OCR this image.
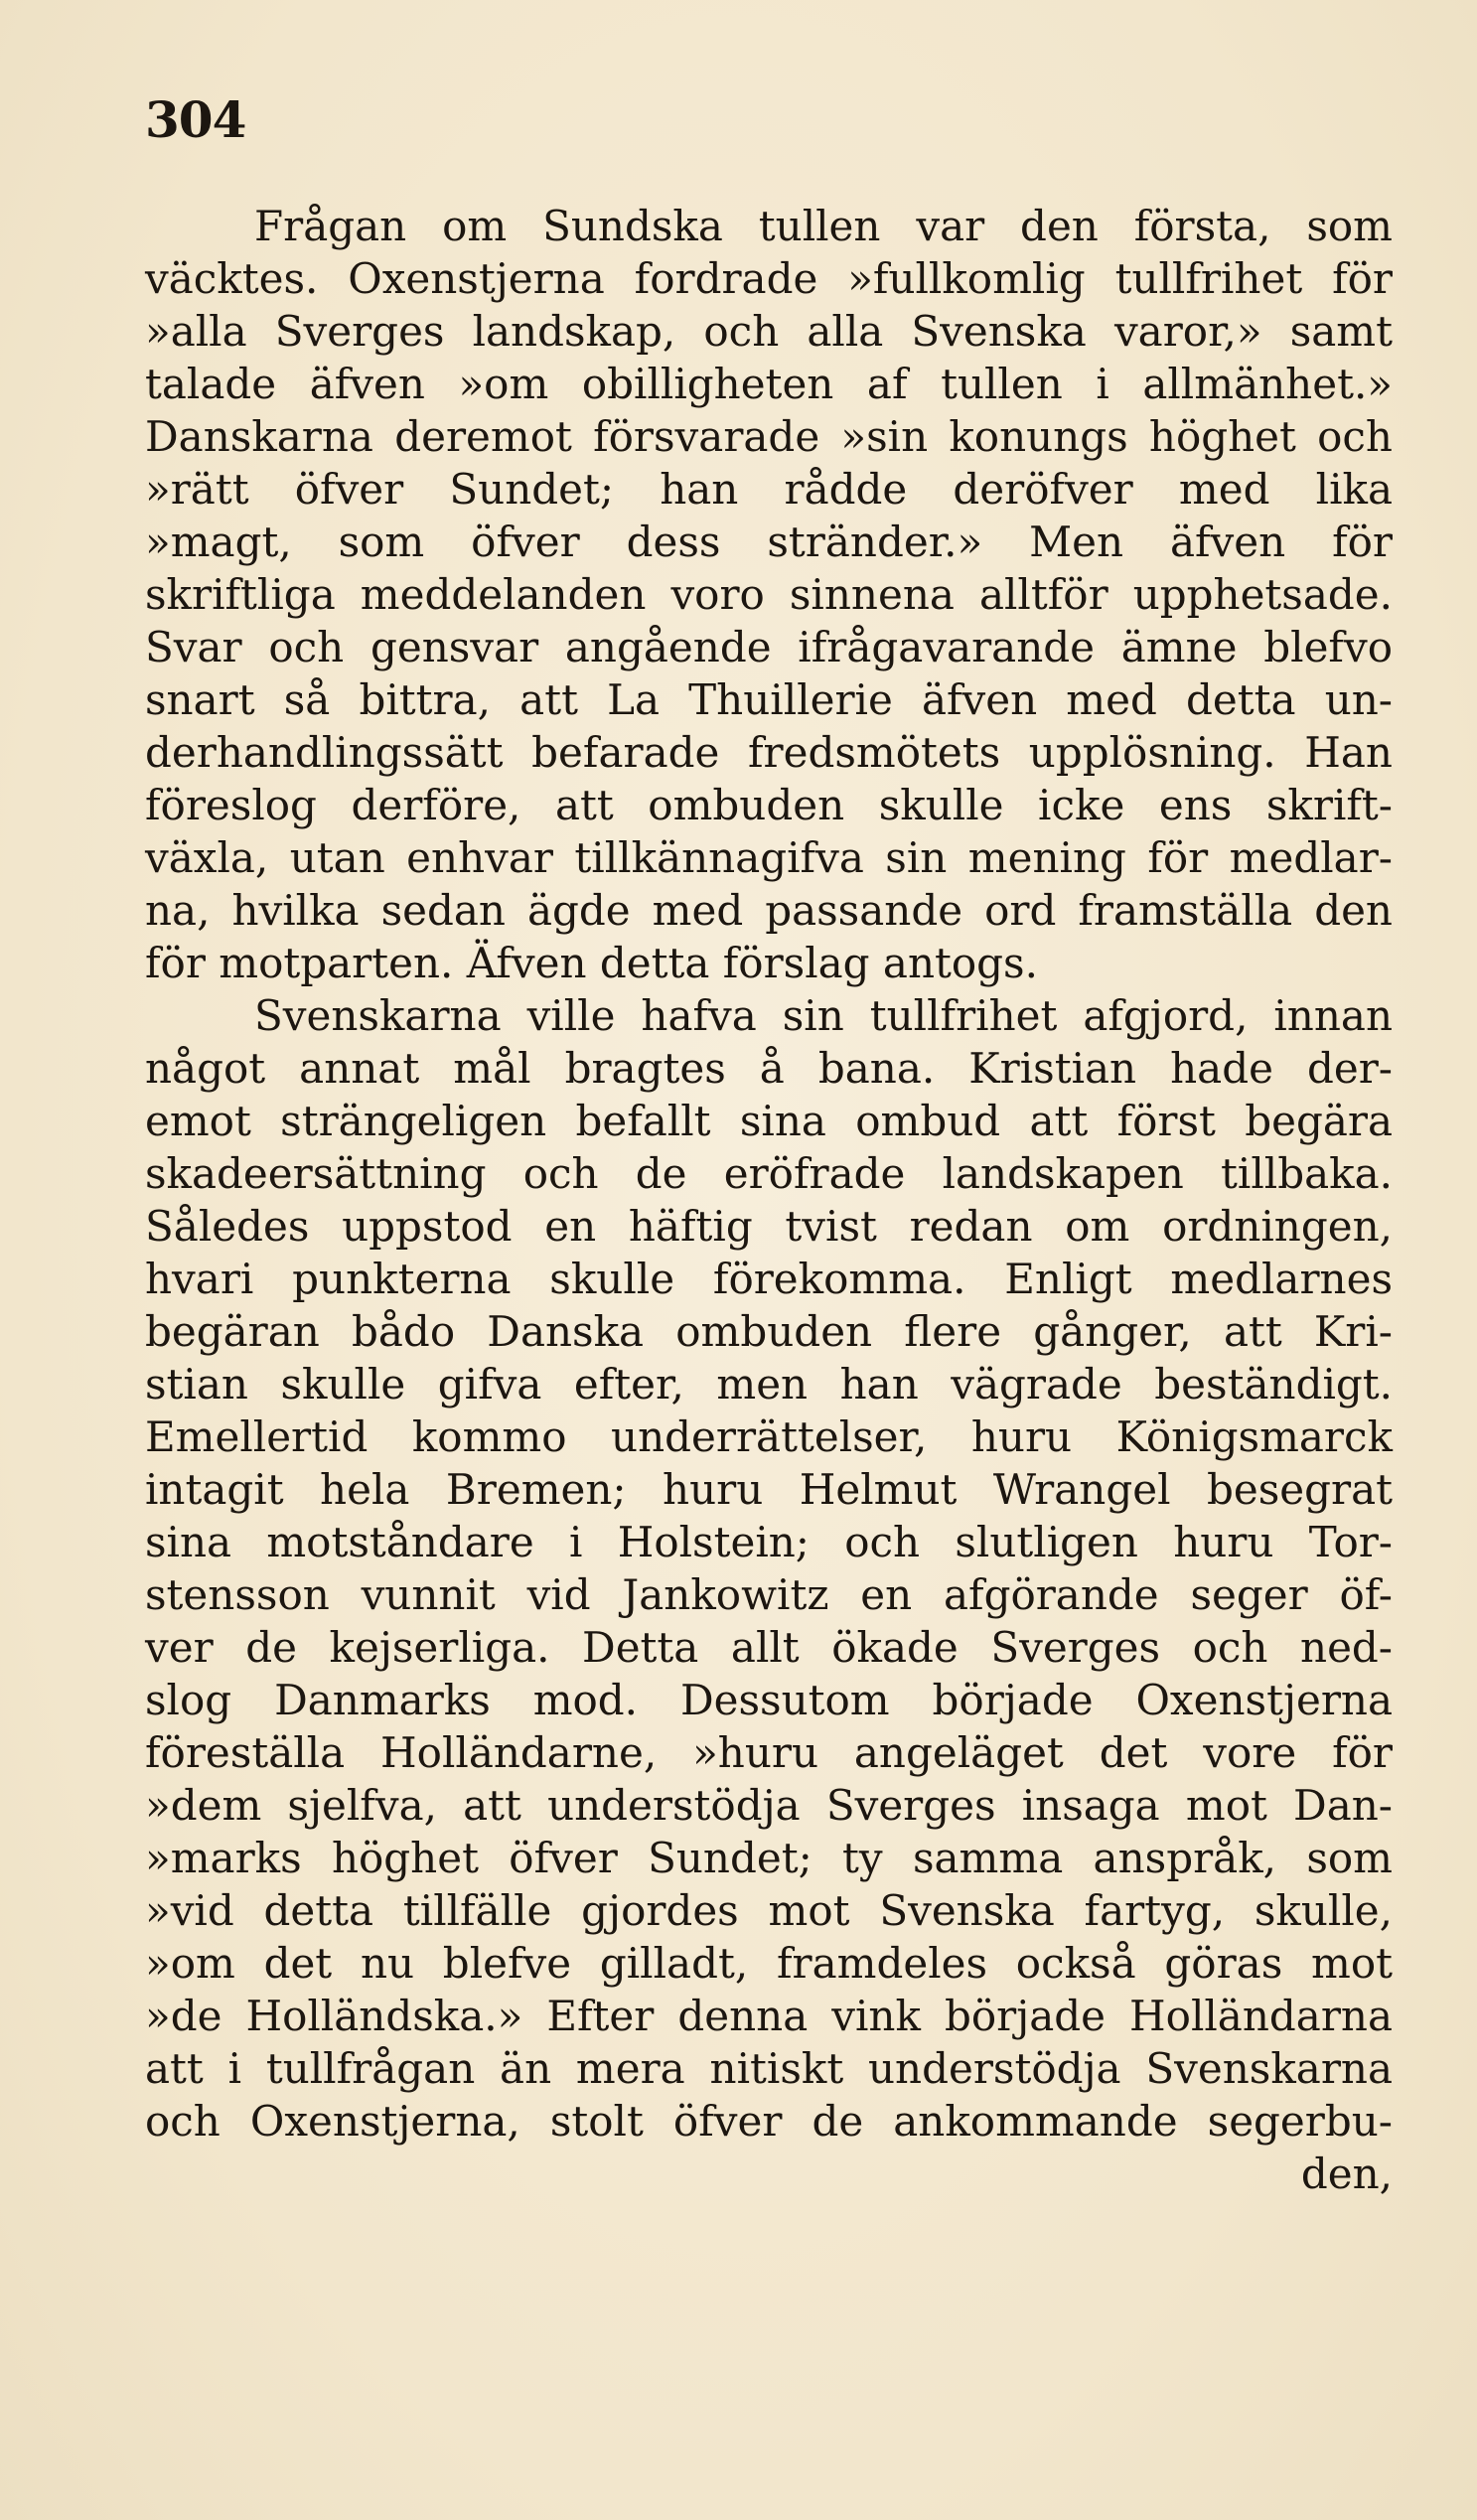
304
Frågan om Sundska tullen var den första, som
väcktes. Oxenstjerna fordrade »fullkomlig tullfrihet för
»alla Sverges landskap, och alla Svenska varor,» samt
talade äfven »om obilligheten af tullen i allmänhet.»
Danskarna deremot försvarade »sin konungs höghet och
»rätt öfver Sundet; han rådde deröfver med lika
»magt, som öfver dess stränder.» Men äfven för
skriftliga meddelanden voro sinnena alltför upphetsade.
Svar och gensvar angående ifrågavarande ämne blefvo
snart så bittra, att La Thuillerie äfven med detta un-
derhandlingssätt befarade fredsmötets upplösning. Han
föreslog derföre, att ombuden skulle icke ens skrift-
växla, utan enhvar tillkännagifva sin mening för medlar-
na, hvilka sedan ägde med passande ord framställa den
för motparten. Äfven detta förslag antogs.
Svenskarna ville hafva sin tullfrihet afgjord, innan
något annat mål bragtes å bana. Kristian hade der-
emot strängeligen befallt sina ombud att först begära
skadeersättning och de eröfrade landskapen tillbaka.
Således uppstod en häftig tvist redan om ordningen,
hvari punkterna skulle förekomma. Enligt medlarnes
begäran bådo Danska ombuden flere gånger, att Kri-
stian skulle gifva efter, men han vägrade beständigt.
Emellertid kommo underrättelser, huru Königsmarck
intagit hela Bremen; huru Helmut Wrangel besegrat
sina motståndare i Holstein; och slutligen huru Tor-
stensson vunnit vid Jankowitz en afgörande seger öf-
ver de kejserliga. Detta allt ökade Sverges och ned-
slog Danmarks mod. Dessutom började Oxenstjerna
föreställa Holländarne, »huru angeläget det vore för
»dem sjelfva, att understödja Sverges insaga mot Dan-
»marks höghet öfver Sundet; ty samma anspråk, som
»vid detta tillfälle gjordes mot Svenska fartyg, skulle,
»om det nu blefve gilladt, framdeles också göras mot
»de Holländska.» Efter denna vink började Holländarna
att i tullfrågan än mera nitiskt understödja Svenskarna
och Oxenstjerna, stolt öfver de ankommande segerbu-
den,
